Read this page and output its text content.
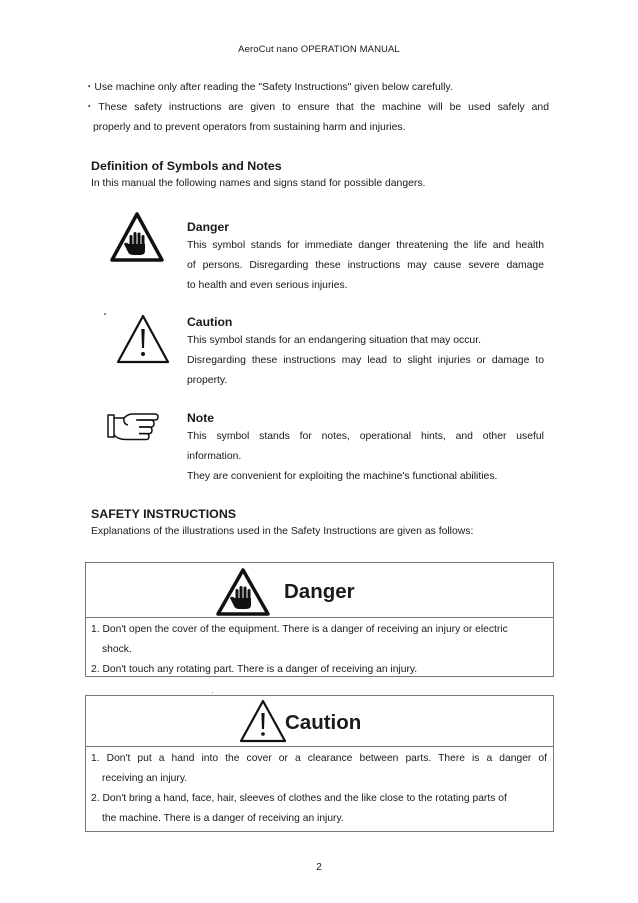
AeroCut nano OPERATION MANUAL
・Use machine only after reading the "Safety Instructions" given below carefully.
・These safety instructions are given to ensure that the machine will be used safely and
properly and to prevent operators from sustaining harm and injuries.
Definition of Symbols and Notes
In this manual the following names and signs stand for possible dangers.
Danger
This symbol stands for immediate danger threatening the life and health
of persons. Disregarding these instructions may cause severe damage
to health and even serious injuries.
Caution
This symbol stands for an endangering situation that may occur.
Disregarding these instructions may lead to slight injuries or damage to
property.
Note
This symbol stands for notes, operational hints, and other useful
information.
They are convenient for exploiting the machine's functional abilities.
SAFETY INSTRUCTIONS
Explanations of the illustrations used in the Safety Instructions are given as follows:
Danger
1. Don't open the cover of the equipment. There is a danger of receiving an injury or electric
shock.
2. Don't touch any rotating part. There is a danger of receiving an injury.
Caution
1. Don't put a hand into the cover or a clearance between parts. There is a danger of
receiving an injury.
2. Don't bring a hand, face, hair, sleeves of clothes and the like close to the rotating parts of
the machine. There is a danger of receiving an injury.
2
